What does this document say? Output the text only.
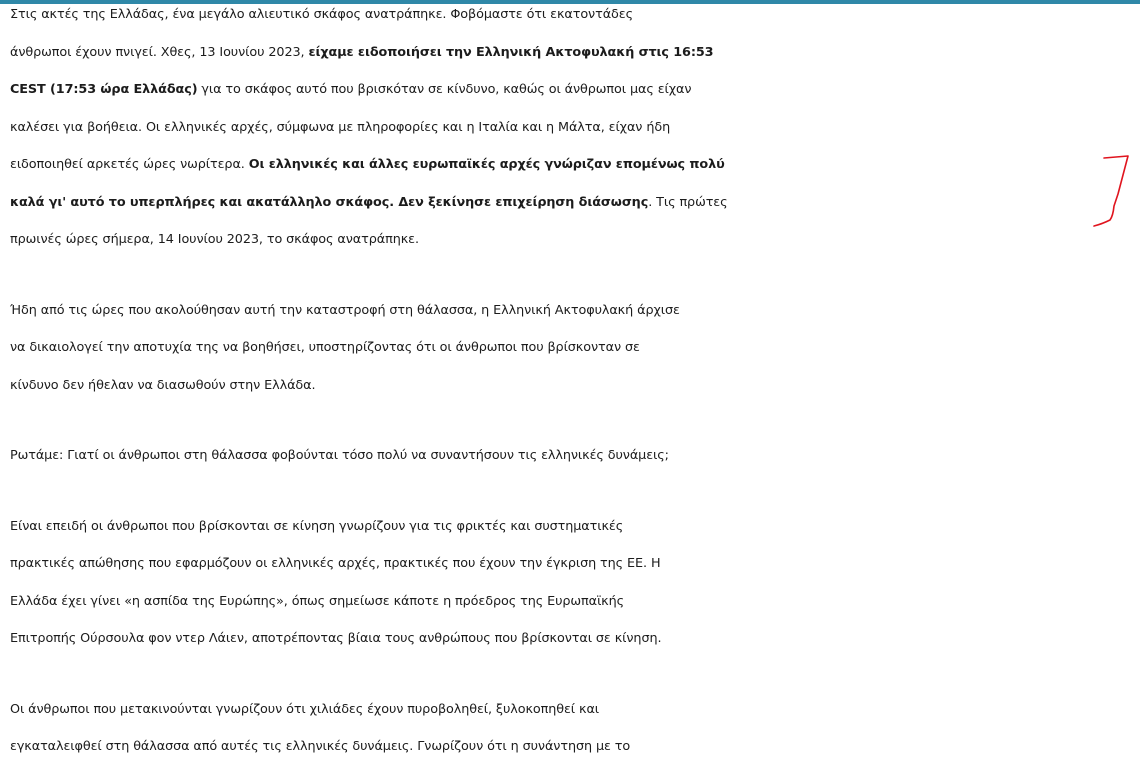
Στις ακτές της Ελλάδας, ένα μεγάλο αλιευτικό σκάφος ανατράπηκε. Φοβόμαστε ότι εκατοντάδες
άνθρωποι έχουν πνιγεί. Χθες, 13 Ιουνίου 2023, είχαμε ειδοποιήσει την Ελληνική Ακτοφυλακή στις 16:53
CEST (17:53 ώρα Ελλάδας) για το σκάφος αυτό που βρισκόταν σε κίνδυνο, καθώς οι άνθρωποι μας είχαν
καλέσει για βοήθεια. Οι ελληνικές αρχές, σύμφωνα με πληροφορίες και η Ιταλία και η Μάλτα, είχαν ήδη
ειδοποιηθεί αρκετές ώρες νωρίτερα. Οι ελληνικές και άλλες ευρωπαϊκές αρχές γνώριζαν επομένως πολύ
καλά γι' αυτό το υπερπλήρες και ακατάλληλο σκάφος. Δεν ξεκίνησε επιχείρηση διάσωσης. Τις πρώτες
πρωινές ώρες σήμερα, 14 Ιουνίου 2023, το σκάφος ανατράπηκε.

Ήδη από τις ώρες που ακολούθησαν αυτή την καταστροφή στη θάλασσα, η Ελληνική Ακτοφυλακή άρχισε
να δικαιολογεί την αποτυχία της να βοηθήσει, υποστηρίζοντας ότι οι άνθρωποι που βρίσκονταν σε
κίνδυνο δεν ήθελαν να διασωθούν στην Ελλάδα.

Ρωτάμε: Γιατί οι άνθρωποι στη θάλασσα φοβούνται τόσο πολύ να συναντήσουν τις ελληνικές δυνάμεις;

Είναι επειδή οι άνθρωποι που βρίσκονται σε κίνηση γνωρίζουν για τις φρικτές και συστηματικές
πρακτικές απώθησης που εφαρμόζουν οι ελληνικές αρχές, πρακτικές που έχουν την έγκριση της ΕΕ. Η
Ελλάδα έχει γίνει «η ασπίδα της Ευρώπης», όπως σημείωσε κάποτε η πρόεδρος της Ευρωπαϊκής
Επιτροπής Ούρσουλα φον ντερ Λάιεν, αποτρέποντας βίαια τους ανθρώπους που βρίσκονται σε κίνηση.

Οι άνθρωποι που μετακινούνται γνωρίζουν ότι χιλιάδες έχουν πυροβοληθεί, ξυλοκοπηθεί και
εγκαταλειφθεί στη θάλασσα από αυτές τις ελληνικές δυνάμεις. Γνωρίζουν ότι η συνάντηση με το
